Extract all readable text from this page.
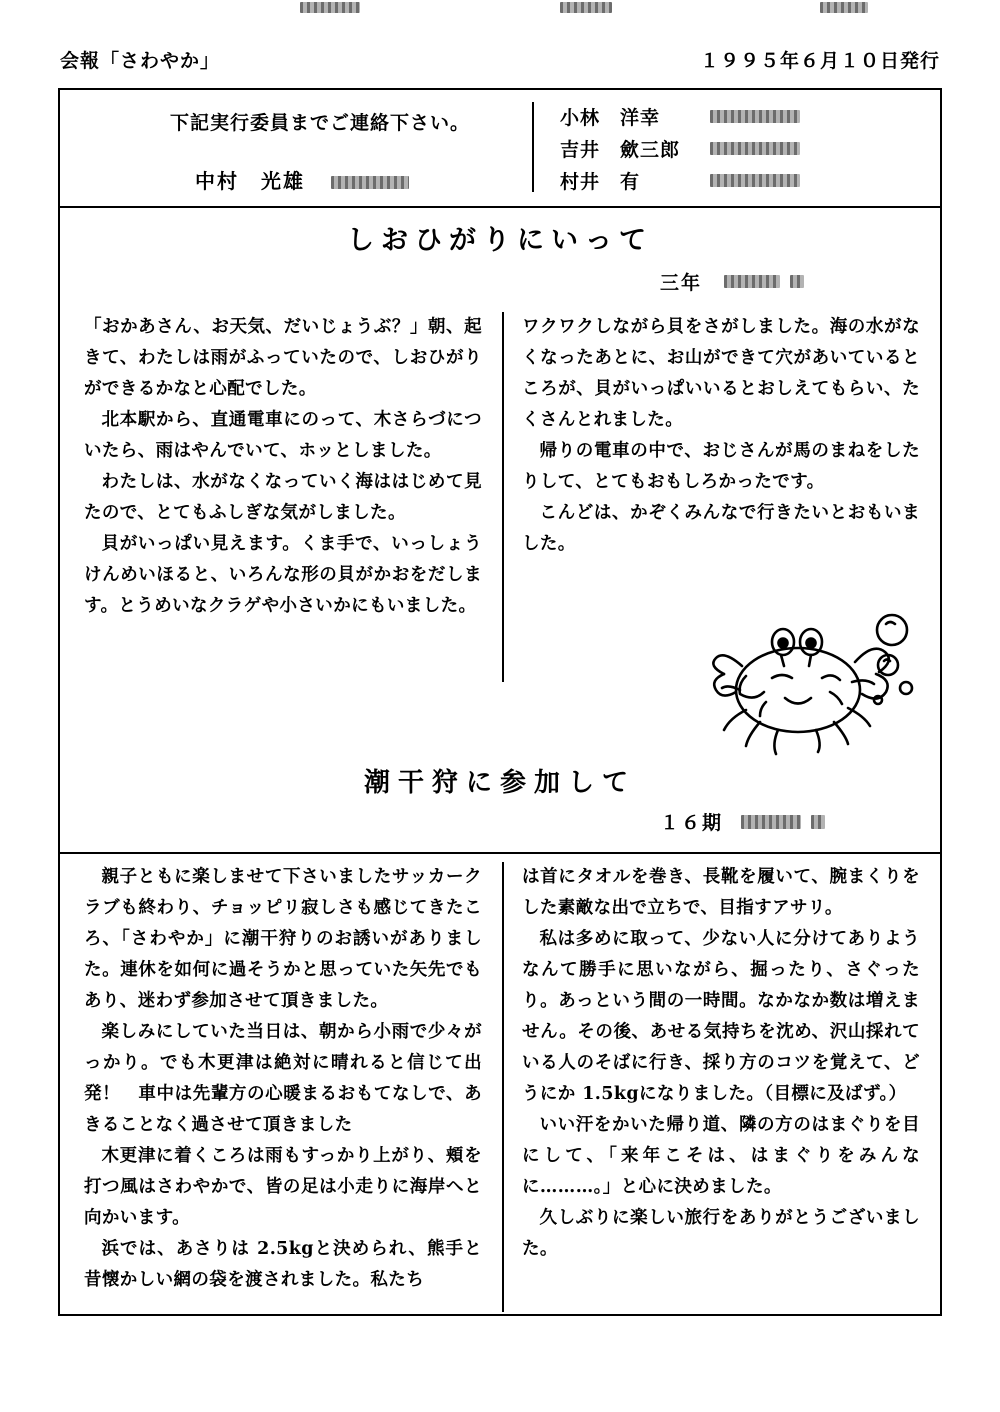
会報「さわやか」	１９９５年６月１０日発行
下記実行委員までご連絡下さい。
中村　光雄
小林　洋幸
吉井　歛三郎
村井　有
しおひがりにいって
三年

「おかあさん、お天気、だいじょうぶ？」朝、起きて、わたしは雨がふっていたので、しおひがりができるかなと心配でした。

北本駅から、直通電車にのって、木さらづについたら、雨はやんでいて、ホッとしました。

わたしは、水がなくなっていく海ははじめて見たので、とてもふしぎな気がしました。

貝がいっぱい見えます。くま手で、いっしょうけんめいほると、いろんな形の貝がかおをだします。とうめいなクラゲや小さいかにもいました。

ワクワクしながら貝をさがしました。海の水がなくなったあとに、お山ができて穴があいているところが、貝がいっぱいいるとおしえてもらい、たくさんとれました。

帰りの電車の中で、おじさんが馬のまねをしたりして、とてもおもしろかったです。

こんどは、かぞくみんなで行きたいとおもいました。

潮干狩に参加して
１６期

親子ともに楽しませて下さいましたサッカークラブも終わり、チョッピリ寂しさも感じてきたころ、「さわやか」に潮干狩りのお誘いがありました。連休を如何に過そうかと思っていた矢先でもあり、迷わず参加させて頂きました。

楽しみにしていた当日は、朝から小雨で少々がっかり。でも木更津は絶対に晴れると信じて出発！　車中は先輩方の心暖まるおもてなしで、あきることなく過させて頂きました

木更津に着くころは雨もすっかり上がり、頬を打つ風はさわやかで、皆の足は小走りに海岸へと向かいます。

浜では、あさりは 2.5kgと決められ、熊手と昔懐かしい網の袋を渡されました。私たち

は首にタオルを巻き、長靴を履いて、腕まくりをした素敵な出で立ちで、目指すアサリ。

私は多めに取って、少ない人に分けてありようなんて勝手に思いながら、掘ったり、さぐったり。あっという間の一時間。なかなか数は増えません。その後、あせる気持ちを沈め、沢山採れている人のそばに行き、採り方のコツを覚えて、どうにか 1.5kgになりました。（目標に及ばず。）

いい汗をかいた帰り道、隣の方のはまぐりを目にして、「来年こそは、はまぐりをみんなに………。」と心に決めました。

久しぶりに楽しい旅行をありがとうございました。
